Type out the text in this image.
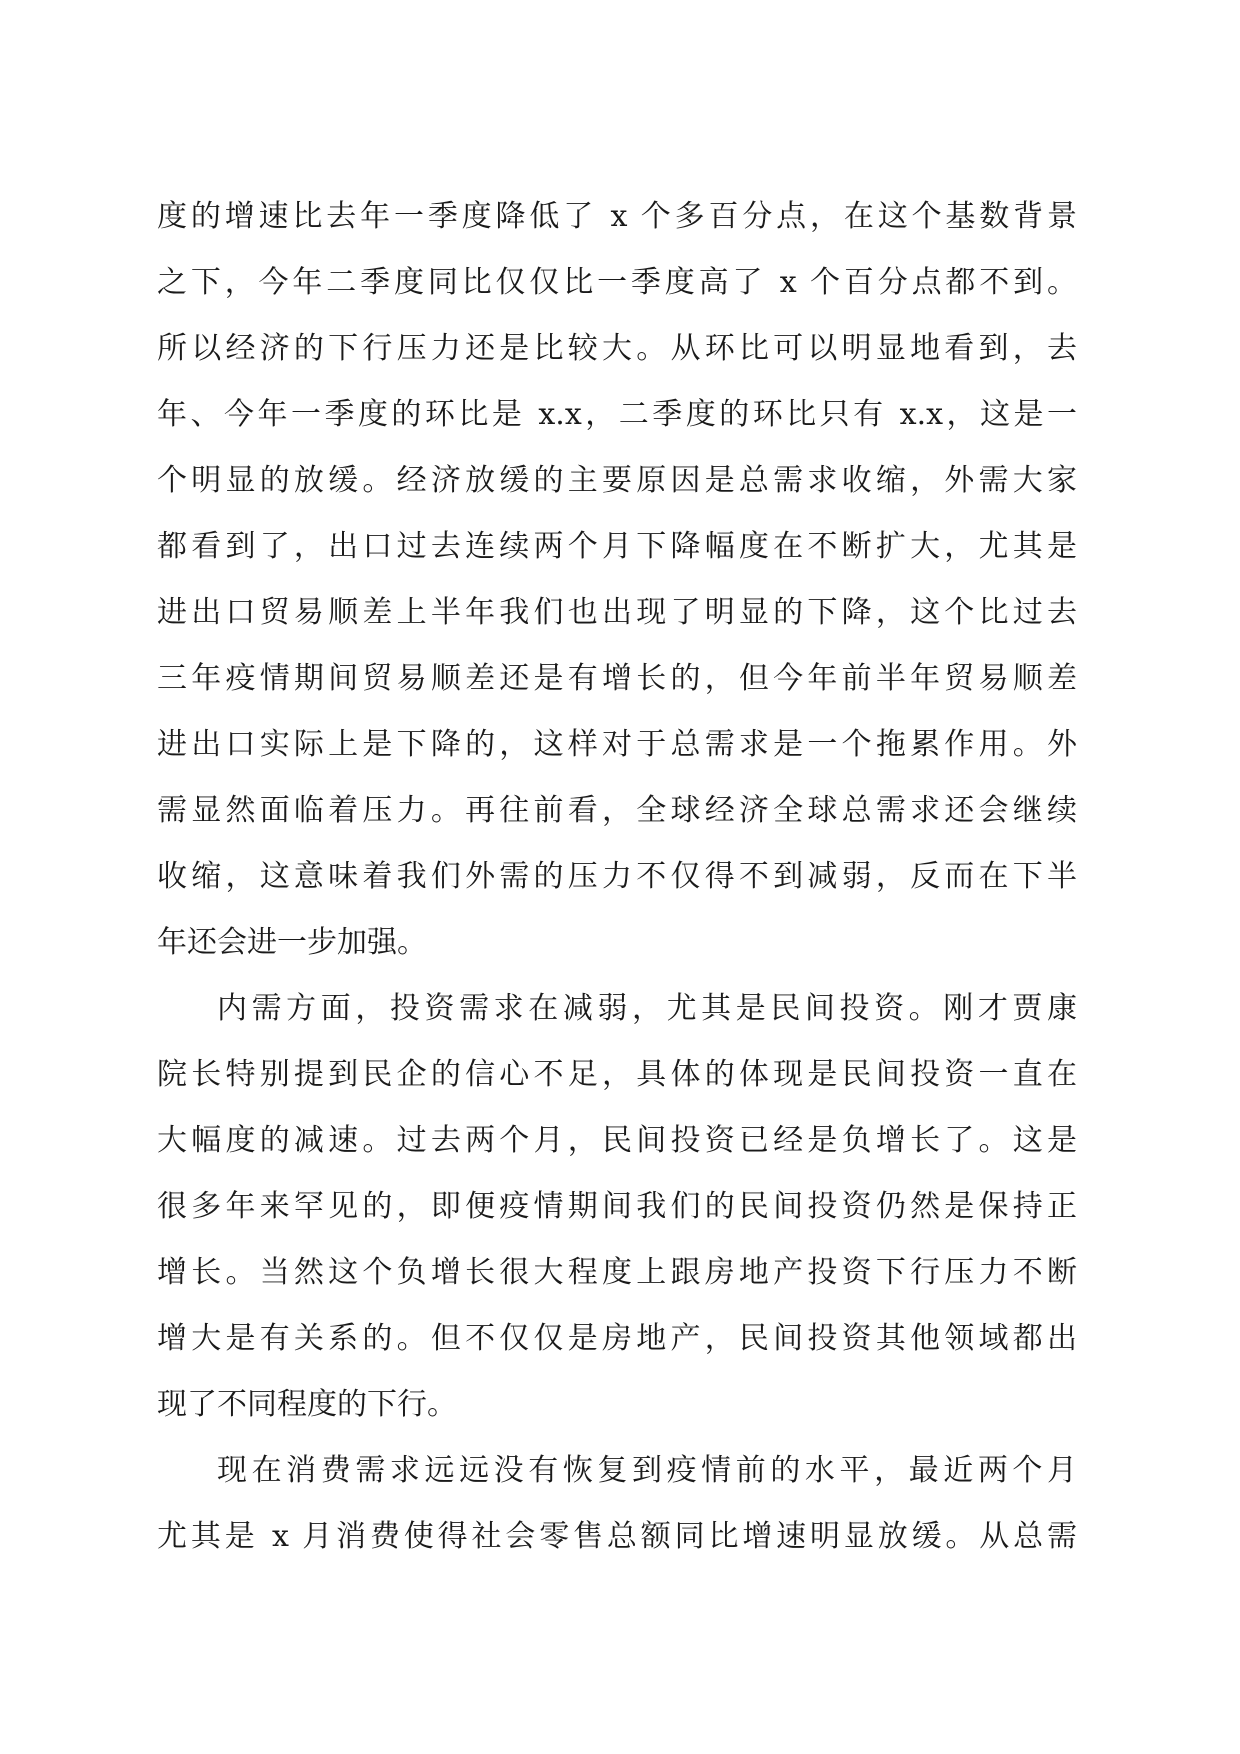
度的增速比去年一季度降低了 x 个多百分点，在这个基数背景
之下，今年二季度同比仅仅比一季度高了 x 个百分点都不到。
所以经济的下行压力还是比较大。从环比可以明显地看到，去
年、今年一季度的环比是 x.x，二季度的环比只有 x.x，这是一
个明显的放缓。经济放缓的主要原因是总需求收缩，外需大家
都看到了，出口过去连续两个月下降幅度在不断扩大，尤其是
进出口贸易顺差上半年我们也出现了明显的下降，这个比过去
三年疫情期间贸易顺差还是有增长的，但今年前半年贸易顺差
进出口实际上是下降的，这样对于总需求是一个拖累作用。外
需显然面临着压力。再往前看，全球经济全球总需求还会继续
收缩，这意味着我们外需的压力不仅得不到减弱，反而在下半
年还会进一步加强。
内需方面，投资需求在减弱，尤其是民间投资。刚才贾康
院长特别提到民企的信心不足，具体的体现是民间投资一直在
大幅度的减速。过去两个月，民间投资已经是负增长了。这是
很多年来罕见的，即便疫情期间我们的民间投资仍然是保持正
增长。当然这个负增长很大程度上跟房地产投资下行压力不断
增大是有关系的。但不仅仅是房地产，民间投资其他领域都出
现了不同程度的下行。
现在消费需求远远没有恢复到疫情前的水平，最近两个月
尤其是 x 月消费使得社会零售总额同比增速明显放缓。从总需
